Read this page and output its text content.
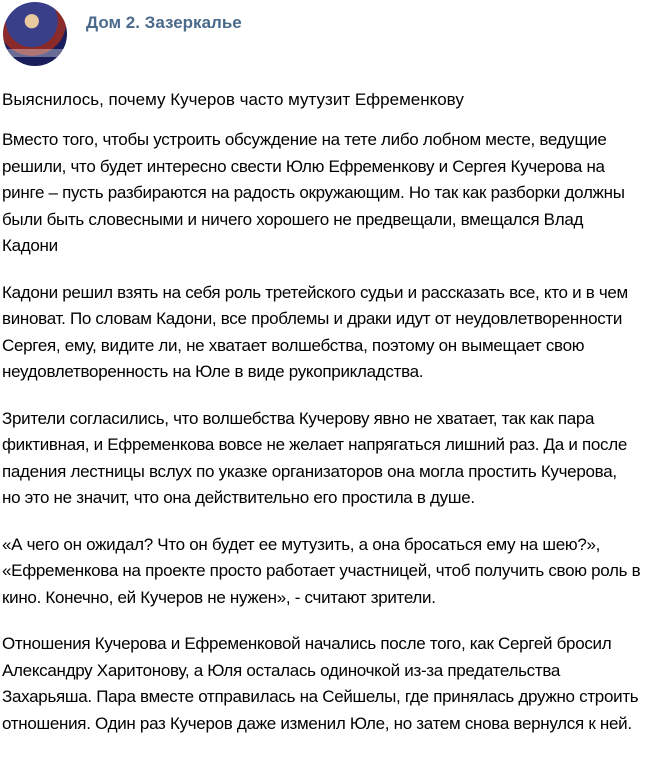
Дом 2. Зазеркалье
Выяснилось, почему Кучеров часто мутузит Ефременкову
Вместо того, чтобы устроить обсуждение на тете либо лобном месте, ведущие
решили, что будет интересно свести Юлю Ефременкову и Сергея Кучерова на
ринге – пусть разбираются на радость окружающим. Но так как разборки должны
были быть словесными и ничего хорошего не предвещали, вмещался Влад
Кадони
Кадони решил взять на себя роль третейского судьи и рассказать все, кто и в чем
виноват. По словам Кадони, все проблемы и драки идут от неудовлетворенности
Сергея, ему, видите ли, не хватает волшебства, поэтому он вымещает свою
неудовлетворенность на Юле в виде рукоприкладства.
Зрители согласились, что волшебства Кучерову явно не хватает, так как пара
фиктивная, и Ефременкова вовсе не желает напрягаться лишний раз. Да и после
падения лестницы вслух по указке организаторов она могла простить Кучерова,
но это не значит, что она действительно его простила в душе.
«А чего он ожидал? Что он будет ее мутузить, а она бросаться ему на шею?»,
«Ефременкова на проекте просто работает участницей, чтоб получить свою роль в
кино. Конечно, ей Кучеров не нужен», - считают зрители.
Отношения Кучерова и Ефременковой начались после того, как Сергей бросил
Александру Харитонову, а Юля осталась одиночкой из-за предательства
Захарьяша. Пара вместе отправилась на Сейшелы, где принялась дружно строить
отношения. Один раз Кучеров даже изменил Юле, но затем снова вернулся к ней.
